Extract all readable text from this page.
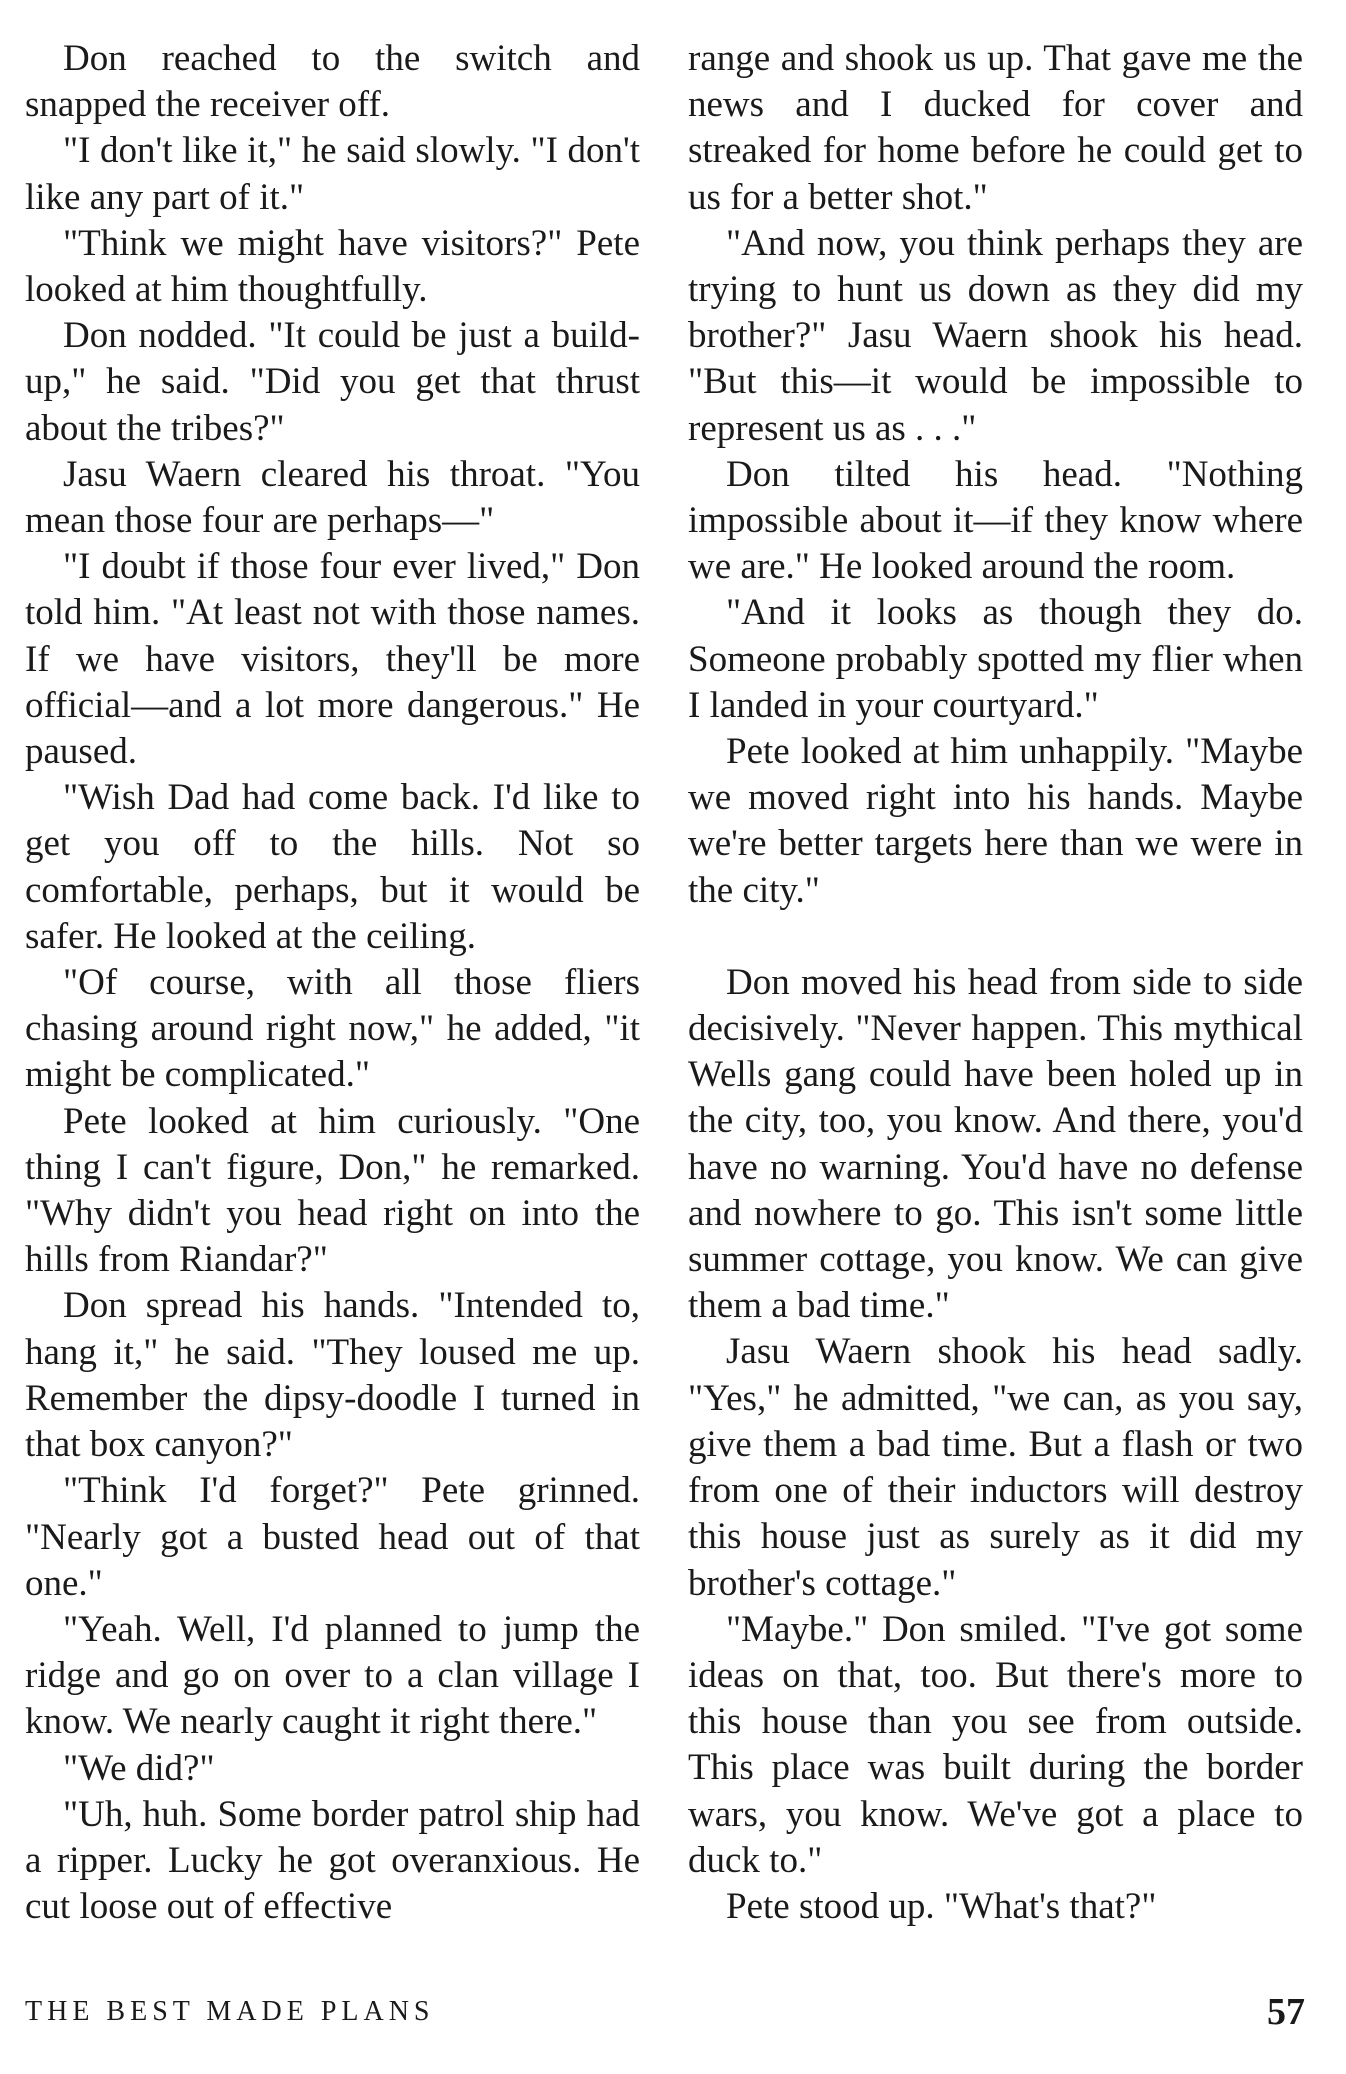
Don reached to the switch and snapped the receiver off.

"I don't like it," he said slowly. "I don't like any part of it."

"Think we might have visitors?" Pete looked at him thoughtfully.

Don nodded. "It could be just a build-up," he said. "Did you get that thrust about the tribes?"

Jasu Waern cleared his throat. "You mean those four are perhaps—"

"I doubt if those four ever lived," Don told him. "At least not with those names. If we have visitors, they'll be more official—and a lot more dangerous." He paused.

"Wish Dad had come back. I'd like to get you off to the hills. Not so comfortable, perhaps, but it would be safer. He looked at the ceiling.

"Of course, with all those fliers chasing around right now," he added, "it might be complicated."

Pete looked at him curiously. "One thing I can't figure, Don," he remarked. "Why didn't you head right on into the hills from Riandar?"

Don spread his hands. "Intended to, hang it," he said. "They loused me up. Remember the dipsy-doodle I turned in that box canyon?"

"Think I'd forget?" Pete grinned. "Nearly got a busted head out of that one."

"Yeah. Well, I'd planned to jump the ridge and go on over to a clan village I know. We nearly caught it right there."

"We did?"

"Uh, huh. Some border patrol ship had a ripper. Lucky he got overanxious. He cut loose out of effective

range and shook us up. That gave me the news and I ducked for cover and streaked for home before he could get to us for a better shot."

"And now, you think perhaps they are trying to hunt us down as they did my brother?" Jasu Waern shook his head. "But this—it would be impossible to represent us as . . ."

Don tilted his head. "Nothing impossible about it—if they know where we are." He looked around the room.

"And it looks as though they do. Someone probably spotted my flier when I landed in your courtyard."

Pete looked at him unhappily. "Maybe we moved right into his hands. Maybe we're better targets here than we were in the city."

Don moved his head from side to side decisively. "Never happen. This mythical Wells gang could have been holed up in the city, too, you know. And there, you'd have no warning. You'd have no defense and nowhere to go. This isn't some little summer cottage, you know. We can give them a bad time."

Jasu Waern shook his head sadly. "Yes," he admitted, "we can, as you say, give them a bad time. But a flash or two from one of their inductors will destroy this house just as surely as it did my brother's cottage."

"Maybe." Don smiled. "I've got some ideas on that, too. But there's more to this house than you see from outside. This place was built during the border wars, you know. We've got a place to duck to."

Pete stood up. "What's that?"

THE BEST MADE PLANS	57
